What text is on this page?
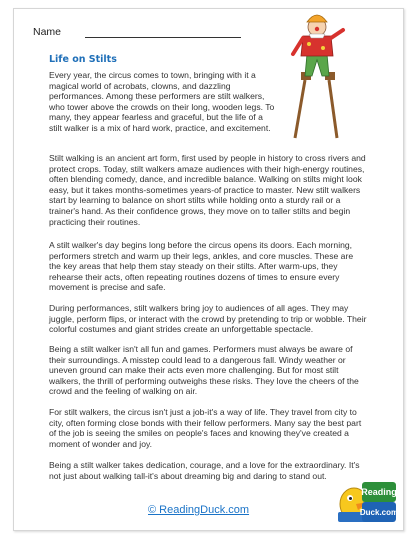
Name
Life on Stilts

Every year, the circus comes to town, bringing with it a magical world of acrobats, clowns, and dazzling performances. Among these performers are stilt walkers, who tower above the crowds on their long, wooden legs. To many, they appear fearless and graceful, but the life of a stilt walker is a mix of hard work, practice, and excitement.

Stilt walking is an ancient art form, first used by people in history to cross rivers and protect crops. Today, stilt walkers amaze audiences with their high-energy routines, often blending comedy, dance, and incredible balance. Walking on stilts might look easy, but it takes months-sometimes years-of practice to master. New stilt walkers start by learning to balance on short stilts while holding onto a sturdy rail or a trainer's hand. As their confidence grows, they move on to taller stilts and begin practicing their routines.

A stilt walker's day begins long before the circus opens its doors. Each morning, performers stretch and warm up their legs, ankles, and core muscles. These are the key areas that help them stay steady on their stilts. After warm-ups, they rehearse their acts, often repeating routines dozens of times to ensure every movement is precise and safe.

During performances, stilt walkers bring joy to audiences of all ages. They may juggle, perform flips, or interact with the crowd by pretending to trip or wobble. Their colorful costumes and giant strides create an unforgettable spectacle.

Being a stilt walker isn't all fun and games. Performers must always be aware of their surroundings. A misstep could lead to a dangerous fall. Windy weather or uneven ground can make their acts even more challenging. But for most stilt walkers, the thrill of performing outweighs these risks. They love the cheers of the crowd and the feeling of walking on air.

For stilt walkers, the circus isn't just a job-it's a way of life. They travel from city to city, often forming close bonds with their fellow performers. Many say the best part of the job is seeing the smiles on people's faces and knowing they've created a moment of wonder and joy.

Being a stilt walker takes dedication, courage, and a love for the extraordinary. It's not just about walking tall-it's about dreaming big and daring to stand out.

© ReadingDuck.com
Reading
Duck.com
